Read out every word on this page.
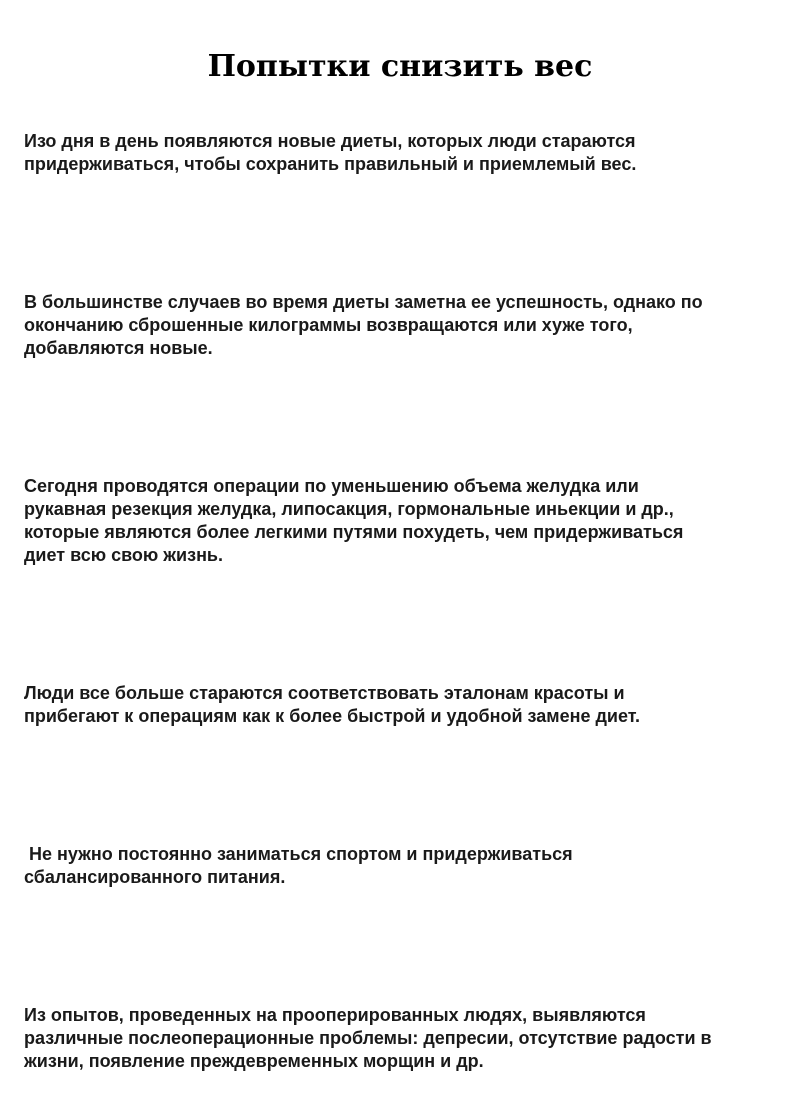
Попытки снизить вес

Изо дня в день появляются новые диеты, которых люди стараются
придерживаться, чтобы сохранить правильный и приемлемый вес.

В большинстве случаев во время диеты заметна ее успешность, однако по
окончанию сброшенные килограммы возвращаются или хуже того,
добавляются новые.

Сегодня проводятся операции по уменьшению объема желудка или
рукавная резекция желудка, липосакция, гормональные иньекции и др.,
которые являются более легкими путями похудеть, чем придерживаться
диет всю свою жизнь.

Люди все больше стараются соответствовать эталонам красоты и
прибегают к операциям как к более быстрой и удобной замене диет.

Не нужно постоянно заниматься спортом и придерживаться
сбалансированного питания.

Из опытов, проведенных на прооперированных людях, выявляются
различные послеоперационные проблемы: депресии, отсутствие радости в
жизни, появление преждевременных морщин и др.
